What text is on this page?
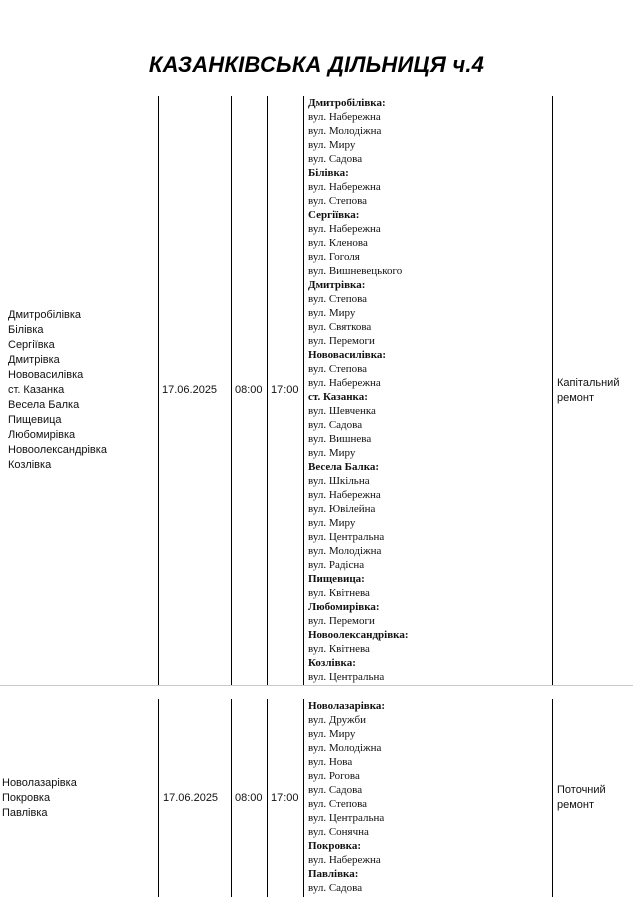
КАЗАНКІВСЬКА ДІЛЬНИЦЯ ч.4
Дмитробілівка
Білівка
Сергіївка
Дмитрівка
Нововасилівка
ст. Казанка
Весела Балка
Пищевица
Любомирівка
Новоолександрівка
Козлівка
17.06.2025 08:00 17:00
Дмитробілівка:
вул. Набережна
вул. Молодіжна
вул. Миру
вул. Садова
Білівка:
вул. Набережна
вул. Степова
Сергіївка:
вул. Набережна
вул. Кленова
вул. Гоголя
вул. Вишневецького
Дмитрівка:
вул. Степова
вул. Миру
вул. Святкова
вул. Перемоги
Нововасилівка:
вул. Степова
вул. Набережна
ст. Казанка:
вул. Шевченка
вул. Садова
вул. Вишнева
вул. Миру
Весела Балка:
вул. Шкільна
вул. Набережна
вул. Ювілейна
вул. Миру
вул. Центральна
вул. Молодіжна
вул. Радісна
Пищевица:
вул. Квітнева
Любомирівка:
вул. Перемоги
Новоолександрівка:
вул. Квітнева
Козлівка:
вул. Центральна
Капітальний ремонт
Новолазарівка
Покровка
Павлівка
17.06.2025 08:00 17:00
Новолазарівка:
вул. Дружби
вул. Миру
вул. Молодіжна
вул. Нова
вул. Рогова
вул. Садова
вул. Степова
вул. Центральна
вул. Сонячна
Покровка:
вул. Набережна
Павлівка:
вул. Садова
Поточний ремонт
